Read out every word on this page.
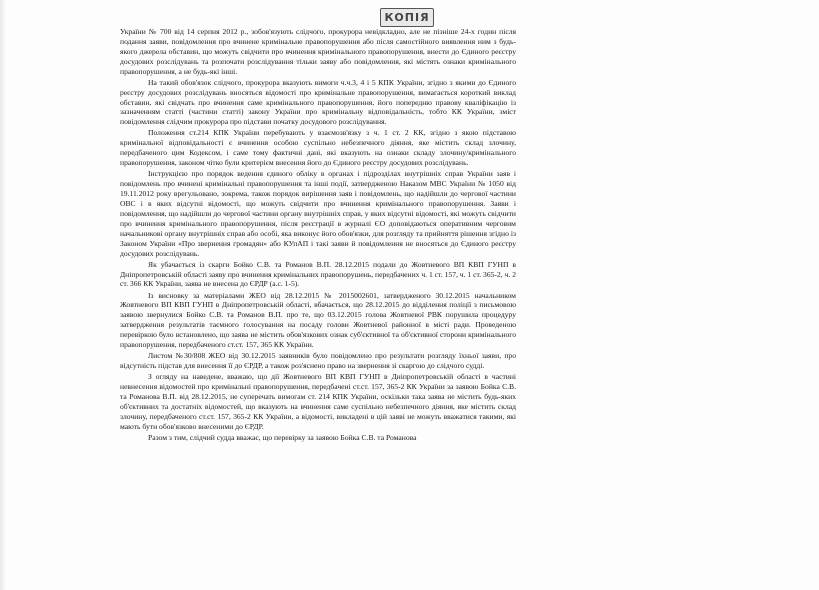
КОПІЯ

України № 700 від 14 серпня 2012 р., зобов'язують слідчого, прокурора невідкладно, але не пізніше 24-х годин після подання заяви, повідомлення про вчинене кримінальне правопорушення або після самостійного виявлення ним з будь-якого джерела обставин, що можуть свідчити про вчинення кримінального правопорушення, внести до Єдиного реєстру досудових розслідувань та розпочати розслідування тільки заяву або повідомлення, які містять ознаки кримінального правопорушення, а не будь-які інші.

На такий обов'язок слідчого, прокурора вказують вимоги ч.ч.3, 4 і 5 КПК України, згідно з якими до Єдиного реєстру досудових розслідувань вносяться відомості про кримінальне правопорушення, вимагається короткий виклад обставин, які свідчать про вчинення саме кримінального правопорушення, його попередню правову кваліфікацію із зазначенням статті (частини статті) закону України про кримінальну відповідальність, тобто КК України, зміст повідомлення слідчим прокурора про підстави початку досудового розслідування.

Положення ст.214 КПК України перебувають у взаємозв'язку з ч. 1 ст. 2 КК, згідно з якою підставою кримінальної відповідальності є вчинення особою суспільно небезпечного діяння, яке містить склад злочину, передбаченого цим Кодексом, і саме тому фактичні дані, які вказують на ознаки складу злочину/кримінального правопорушення, законом чітко були критерієм внесення його до Єдиного реєстру досудових розслідувань.

Інструкцією про порядок ведення єдиного обліку в органах і підрозділах внутрішніх справ України заяв і повідомлень про вчинені кримінальні правопорушення та інші події, затвердженою Наказом МВС України № 1050 від 19.11.2012 року врегульовано, зокрема, також порядок вирішення заяв і повідомлень, що надійшли до чергової частини ОВС і в яких відсутні відомості, що можуть свідчити про вчинення кримінального правопорушення. Заяви і повідомлення, що надійшли до чергової частини органу внутрішніх справ, у яких відсутні відомості, які можуть свідчити про вчинення кримінального правопорушення, після реєстрації в журналі ЄО доповідаються оперативним черговим начальникові органу внутрішніх справ або особі, яка виконує його обов'язки, для розгляду та прийняття рішення згідно із Законом України «Про звернення громадян» або КУпАП і такі заяви й повідомлення не вносяться до Єдиного реєстру досудових розслідувань.

Як убачається із скарги Бойко С.В. та Романов В.П. 28.12.2015 подали до Жовтневого ВП КВП ГУНП в Дніпропетровській області заяву про вчинення кримінальних правопорушень, передбачених ч. 1 ст. 157, ч. 1 ст. 365-2, ч. 2 ст. 366 КК України, заява не внесена до ЄРДР (а.с. 1-5).

Із висновку за матеріалами ЖЕО від 28.12.2015 № 2015002601, затвердженого 30.12.2015 начальником Жовтневого ВП КВП ГУНП в Дніпропетровській області, вбачається, що 28.12.2015 до відділення поліції з письмовою заявою звернулися Бойко С.В. та Романов В.П. про те, що 03.12.2015 голова Жовтневої РВК порушила процедуру затвердження результатів таємного голосування на посаду голови Жовтневої районної в місті ради. Проведеною перевіркою було встановлено, що заява не містить обов'язкових ознак суб'єктивної та об'єктивної сторони кримінального правопорушення, передбаченого ст.ст. 157, 365 КК України.

Листом №30/808 ЖЕО від 30.12.2015 заявників було повідомлено про результати розгляду їхньої заяви, про відсутність підстав для внесення її до ЄРДР, а також роз'яснено право на звернення зі скаргою до слідчого судді.

З огляду на наведене, вважаю, що дії Жовтневого ВП КВП ГУНП в Дніпропетровській області в частині невнесення відомостей про кримінальні правопорушення, передбачені ст.ст. 157, 365-2 КК України за заявою Бойка С.В. та Романова В.П. від 28.12.2015, не суперечать вимогам ст. 214 КПК України, оскільки така заява не містить будь-яких об'єктивних та достатніх відомостей, що вказують на вчинення саме суспільно небезпечного діяння, яке містить склад злочину, передбаченого ст.ст. 157, 365-2 КК України, а відомості, викладені в цій заяві не можуть вважатися такими, які мають бути обов'язково внесеними до ЄРДР.

Разом з тим, слідчий судда вважає, що перевірку за заявою Бойка С.В. та Романова
